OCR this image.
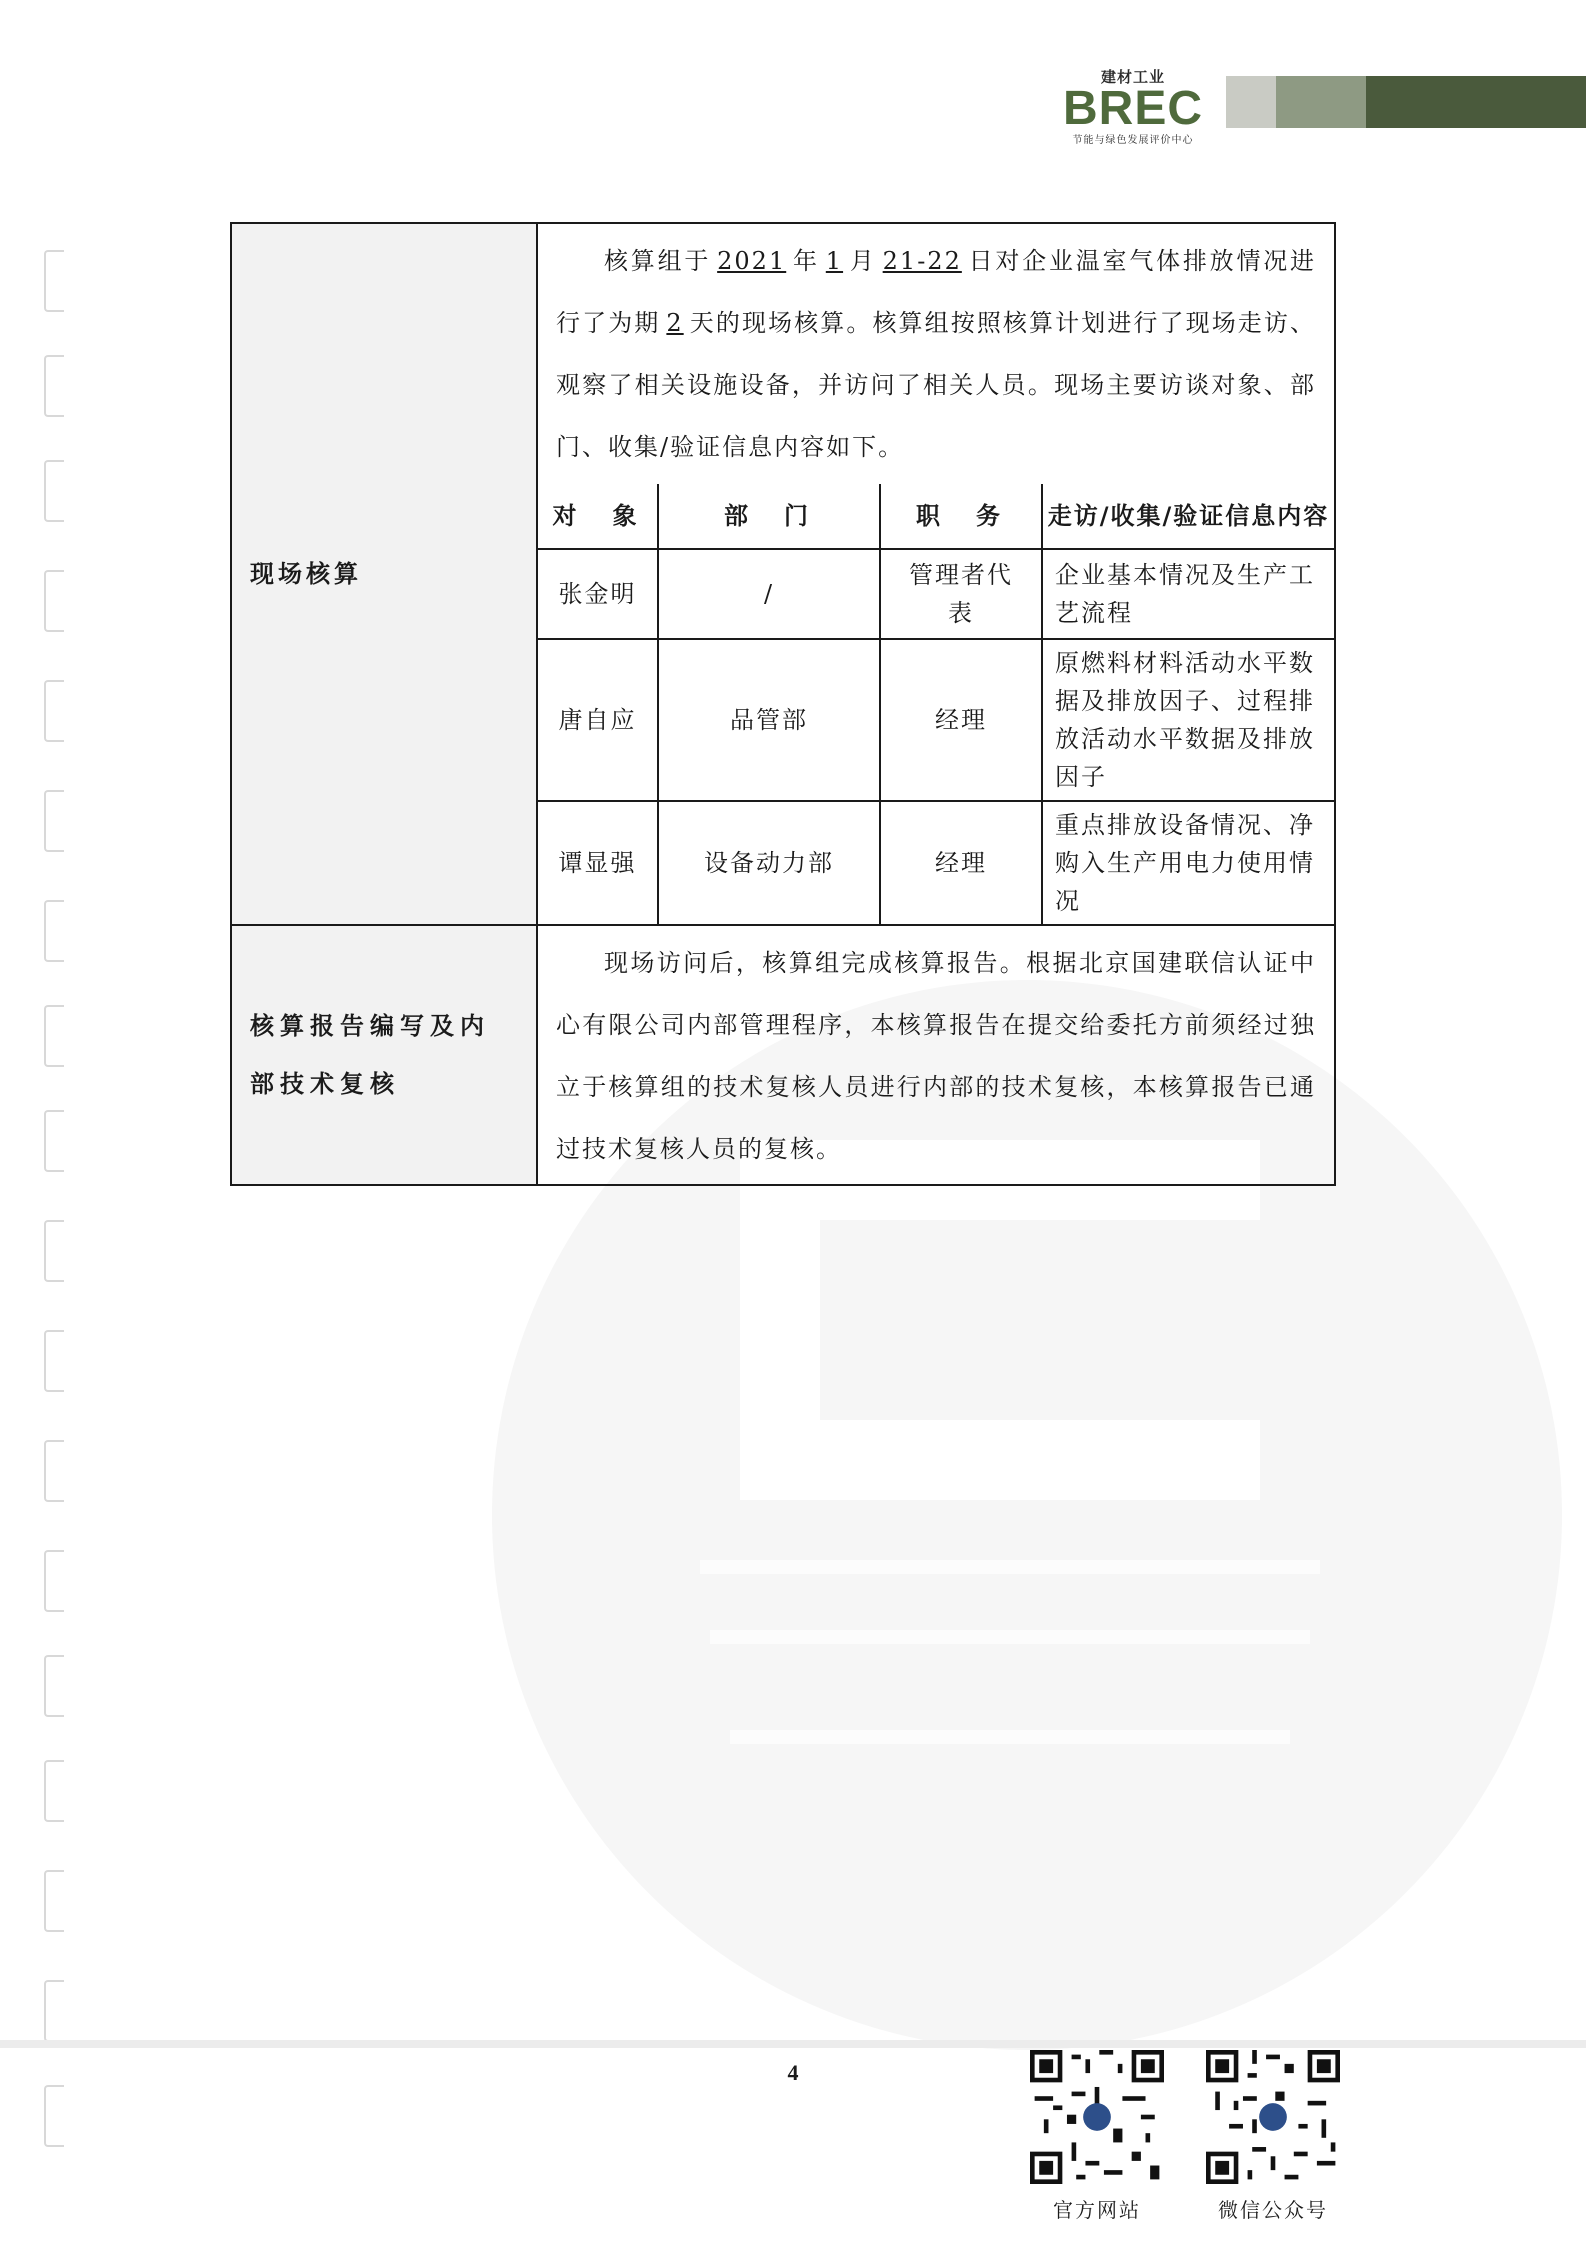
建材工业
BREC
节能与绿色发展评价中心
现场核算	
核算组于 2021 年 1 月 21-22 日对企业温室气体排放情况进行了为期 2 天的现场核算。核算组按照核算计划进行了现场走访、观察了相关设施设备，并访问了相关人员。现场主要访谈对象、部门、收集/验证信息内容如下。
对　象	部　门	职　务	走访/收集/验证信息内容
张金明	/	管理者代表	企业基本情况及生产工艺流程
唐自应	品管部	经理	原燃料材料活动水平数据及排放因子、过程排放活动水平数据及排放因子
谭显强	设备动力部	经理	重点排放设备情况、净购入生产用电力使用情况

核算报告编写及内部技术复核	
现场访问后，核算组完成核算报告。根据北京国建联信认证中心有限公司内部管理程序，本核算报告在提交给委托方前须经过独立于核算组的技术复核人员进行内部的技术复核，本核算报告已通过技术复核人员的复核。
4
官方网站	微信公众号
